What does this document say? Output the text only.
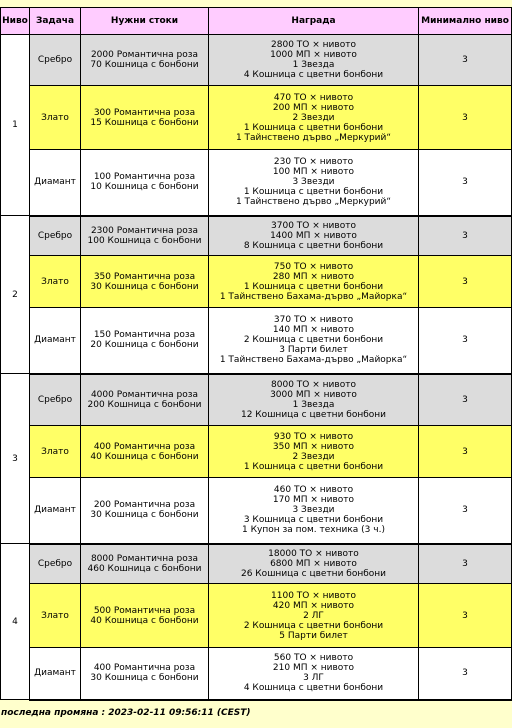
Ниво	Задача	Нужни стоки	Награда	Минимално ниво
1	Сребро	2000 Романтична роза
70 Кошница с бонбони	2800 ТО × нивото
1000 МП × нивото
1 Звезда
4 Кошница с цветни бонбони	3
	Злато	300 Романтична роза
15 Кошница с бонбони	470 ТО × нивото
200 МП × нивото
2 Звезди
1 Кошница с цветни бонбони
1 Тайнствено дърво „Меркурий“	3
	Диамант	100 Романтична роза
10 Кошница с бонбони	230 ТО × нивото
100 МП × нивото
3 Звезди
1 Кошница с цветни бонбони
1 Тайнствено дърво „Меркурий“	3
2	Сребро	2300 Романтична роза
100 Кошница с бонбони	3700 ТО × нивото
1400 МП × нивото
8 Кошница с цветни бонбони	3
	Злато	350 Романтична роза
30 Кошница с бонбони	750 ТО × нивото
280 МП × нивото
1 Кошница с цветни бонбони
1 Тайнствено Бахама-дърво „Майорка“	3
	Диамант	150 Романтична роза
20 Кошница с бонбони	370 ТО × нивото
140 МП × нивото
2 Кошница с цветни бонбони
3 Парти билет
1 Тайнствено Бахама-дърво „Майорка“	3
3	Сребро	4000 Романтична роза
200 Кошница с бонбони	8000 ТО × нивото
3000 МП × нивото
1 Звезда
12 Кошница с цветни бонбони	3
	Злато	400 Романтична роза
40 Кошница с бонбони	930 ТО × нивото
350 МП × нивото
2 Звезди
1 Кошница с цветни бонбони	3
	Диамант	200 Романтична роза
30 Кошница с бонбони	460 ТО × нивото
170 МП × нивото
3 Звезди
3 Кошница с цветни бонбони
1 Купон за пом. техника (3 ч.)	3
4	Сребро	8000 Романтична роза
460 Кошница с бонбони	18000 ТО × нивото
6800 МП × нивото
26 Кошница с цветни бонбони	3
	Злато	500 Романтична роза
40 Кошница с бонбони	1100 ТО × нивото
420 МП × нивото
2 ЛГ
2 Кошница с цветни бонбони
5 Парти билет	3
	Диамант	400 Романтична роза
30 Кошница с бонбони	560 ТО × нивото
210 МП × нивото
3 ЛГ
4 Кошница с цветни бонбони	3
последна промяна : 2023-02-11 09:56:11 (CEST)
